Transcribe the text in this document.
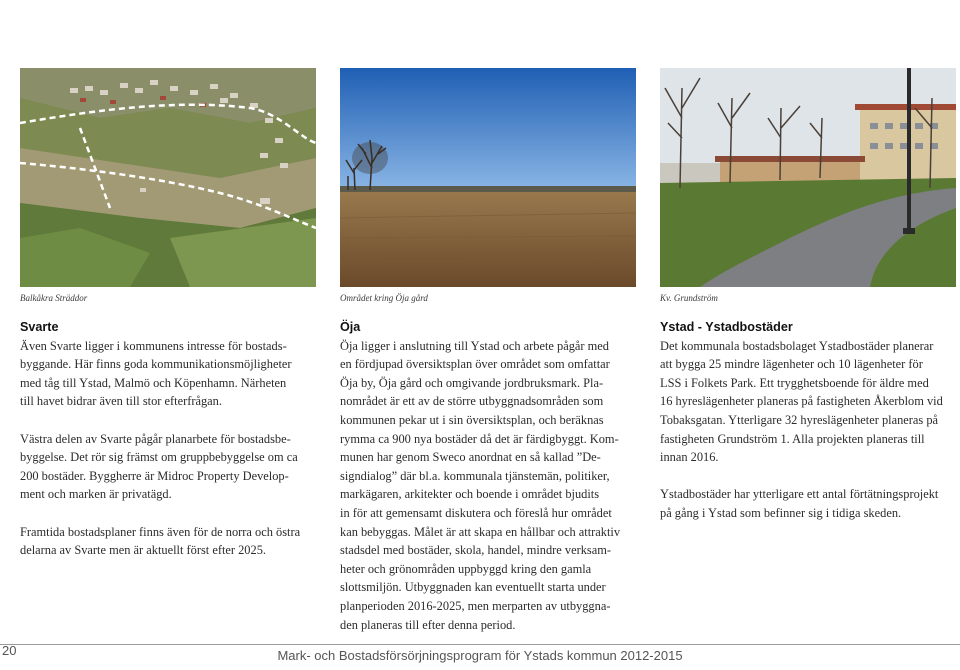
Balkåkra Sträddor	Området kring Öja gård	Kv. Grundström
Svarte

Även Svarte ligger i kommunens intresse för bostads-
byggande. Här finns goda kommunikationsmöjligheter
med tåg till Ystad, Malmö och Köpenhamn. Närheten
till havet bidrar även till stor efterfrågan.

Västra delen av Svarte pågår planarbete för bostadsbe-
byggelse. Det rör sig främst om gruppbebyggelse om ca
200 bostäder. Byggherre är Midroc Property Develop-
ment och marken är privatägd.

Framtida bostadsplaner finns även för de norra och östra
delarna av Svarte men är aktuellt först efter 2025.

Öja

Öja ligger i anslutning till Ystad och arbete pågår med
en fördjupad översiktsplan över området som omfattar
Öja by, Öja gård och omgivande jordbruksmark. Pla-
nområdet är ett av de större utbyggnadsområden som
kommunen pekar ut i sin översiktsplan, och beräknas
rymma ca 900 nya bostäder då det är färdigbyggt. Kom-
munen har genom Sweco anordnat en så kallad ”De-
signdialog” där bl.a. kommunala tjänstemän, politiker,
markägaren, arkitekter och boende i området bjudits
in för att gemensamt diskutera och föreslå hur området
kan bebyggas. Målet är att skapa en hållbar och attraktiv
stadsdel med bostäder, skola, handel, mindre verksam-
heter och grönområden uppbyggd kring den gamla
slottsmiljön. Utbyggnaden kan eventuellt starta under
planperioden 2016-2025, men merparten av utbyggna-
den planeras till efter denna period.

Ystad - Ystadbostäder

Det kommunala bostadsbolaget Ystadbostäder planerar
att bygga 25 mindre lägenheter och 10 lägenheter för
LSS i Folkets Park. Ett trygghetsboende för äldre med
16 hyreslägenheter planeras på fastigheten Åkerblom vid
Tobaksgatan. Ytterligare 32 hyreslägenheter planeras på
fastigheten Grundström 1. Alla projekten planeras till
innan 2016.

Ystadbostäder har ytterligare ett antal förtätningsprojekt
på gång i Ystad som befinner sig i tidiga skeden.

20	Mark- och Bostadsförsörjningsprogram för Ystads kommun 2012-2015
